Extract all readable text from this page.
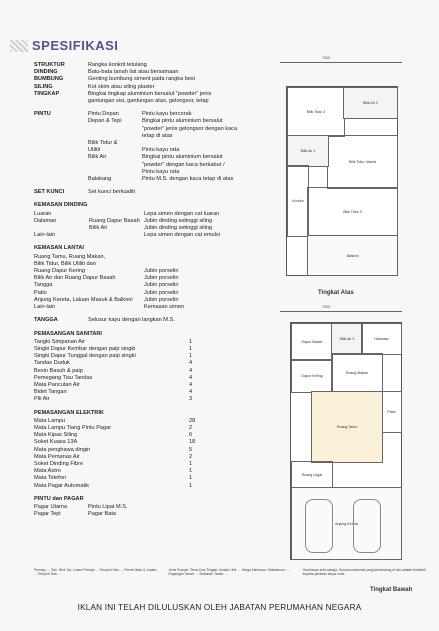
SPESIFIKASI
STRUKTUR	Rangka konkrit tetulang
DINDING	Batu-bata tanah liat atau bersamaan
BUMBUNG	Genting bumbung siment pada rangka besi
SILING	Kot skim atau siling plaster
TINGKAP	Bingkai tingkap aluminium bersalut "powder" jenis
gantungan sisi, gantungan atas, gelongsor, tetap
PINTU	Pintu Depan	Pintu kayu bercorak
Depan & Tepi	Bingkai pintu aluminium bersalut
"powder" jenis gelongsor dengan kaca
tetap di atas
Bilik Tidur &
Utiliti	Pintu kayu rata
Bilik Air	Bingkai pintu aluminium bersalut
"powder" dengan kaca berkabur /
Pintu kayu rata
Balakang	Pintu M.S. dengan kaca tetap di atas
SET KUNCI	Set kunci berkualiti
KEMASAN DINDING
Luaran	Lepa simen dengan cat luaran
Dalaman	Ruang Dapur Basah Jubin dinding setinggi siling
Bilik Air	Jubin dinding setinggi siling
Lain-lain	Lepa simen dengan cat emulsi
KEMASAN LANTAI
Ruang Tamu, Ruang Makan,
Bilik Tidur, Bilik Utiliti dan
Ruang Dapur Kering	Jubin porselin
Bilik Air dan Ruang Dapur Basah	Jubin porselin
Tangga	Jubin porselin
Patio	Jubin porselin
Anjung Kereta, Laluan Masuk & Balkoni	Jubin porselin
Lain-lain	Kemasan simen
TANGGA	Selusur kayu dengan langkan M.S.
PEMASANGAN SANITARI
Tangki Simpanan Air	1
Singki Dapur Kembar dengan paip singki	1
Singki Dapur Tunggal dengan paip singki	1
Tandas Duduk	4
Besin Basuh & paip	4
Pemegang Tisu Tandas	4
Mata Pancutan Air	4
Bidet Tangan	4
Pili Air	3
PEMASANGAN ELEKTRIK
Mata Lampu	28
Mata Lampu Tiang Pintu Pagar	2
Mata Kipas Siling	6
Soket Kuasa 13A	18
Mata penghawa dingin	5
Mata Pemanas Air	2
Soket Dinding Fibre	1
Mata Astro	1
Mata Telefon	1
Mata Pagar Automatik	1
PINTU dan PAGAR
Pagar Utama	Pintu Lipat M.S.
Pagar Tepi	Pagar Bata
7000
Bilik Tidur 2
Bilik Air 2
Bilik Tidur Utama
Bilik Air 1
Bilik Tidur 3
Koridor
Balkoni
Tingkat Atas
7000
Dapur Basah
Dapur Kering
Bilik Air 3	Halaman
Ruang Makan
Patio
Ruang Tamu
Ruang Legar
Anjung Kereta
Tingkat Bawah
Pemaju: ... Sdn. Bhd. No. Lesen Pemaju ... Tempoh Sah: ... Permit Iklan & Jualan: ... Tempoh Sah: ...
Jenis Rumah: Teres Dua Tingkat Jumlah Unit: ... Harga Minimum / Maksimum: ... Pegangan Tanah: ... Bebanan Tanah: ...
Gambaran artis sahaja. Semua maklumat yang terkandung di sini adalah tertakluk kepada pindaan tanpa notis.
IKLAN INI TELAH DILULUSKAN OLEH JABATAN PERUMAHAN NEGARA
